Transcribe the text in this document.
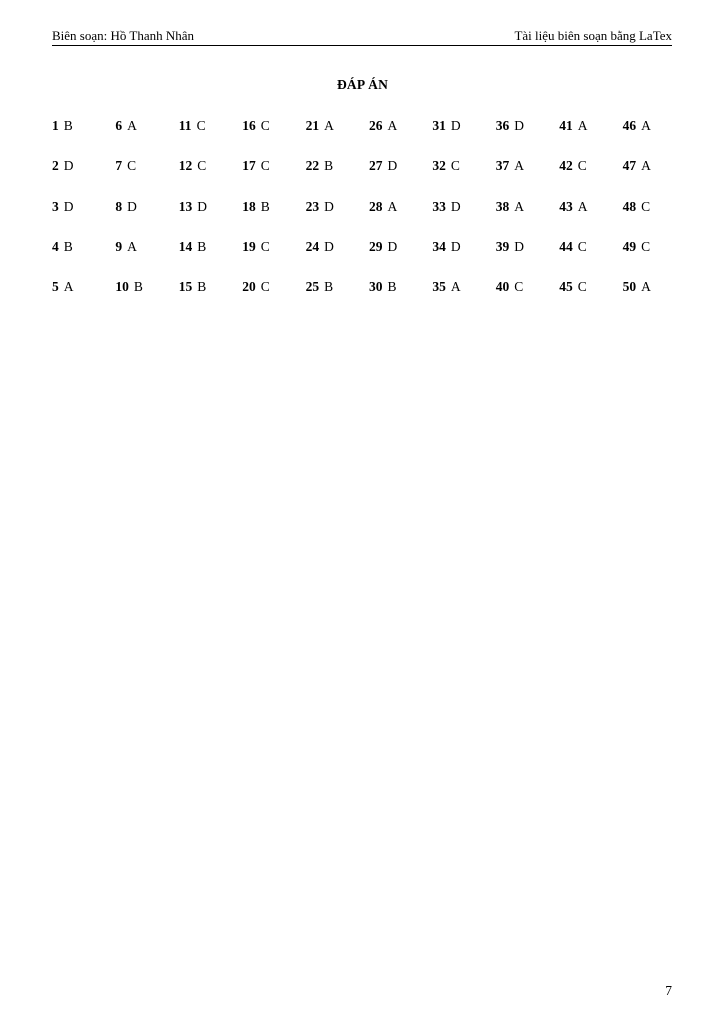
Biên soạn: Hồ Thanh Nhân	Tài liệu biên soạn bằng LaTex
ĐÁP ÁN
1 B
2 D
3 D
4 B
5 A
6 A
7 C
8 D
9 A
10 B
11 C
12 C
13 D
14 B
15 B
16 C
17 C
18 B
19 C
20 C
21 A
22 B
23 D
24 D
25 B
26 A
27 D
28 A
29 D
30 B
31 D
32 C
33 D
34 D
35 A
36 D
37 A
38 A
39 D
40 C
41 A
42 C
43 A
44 C
45 C
46 A
47 A
48 C
49 C
50 A
7
